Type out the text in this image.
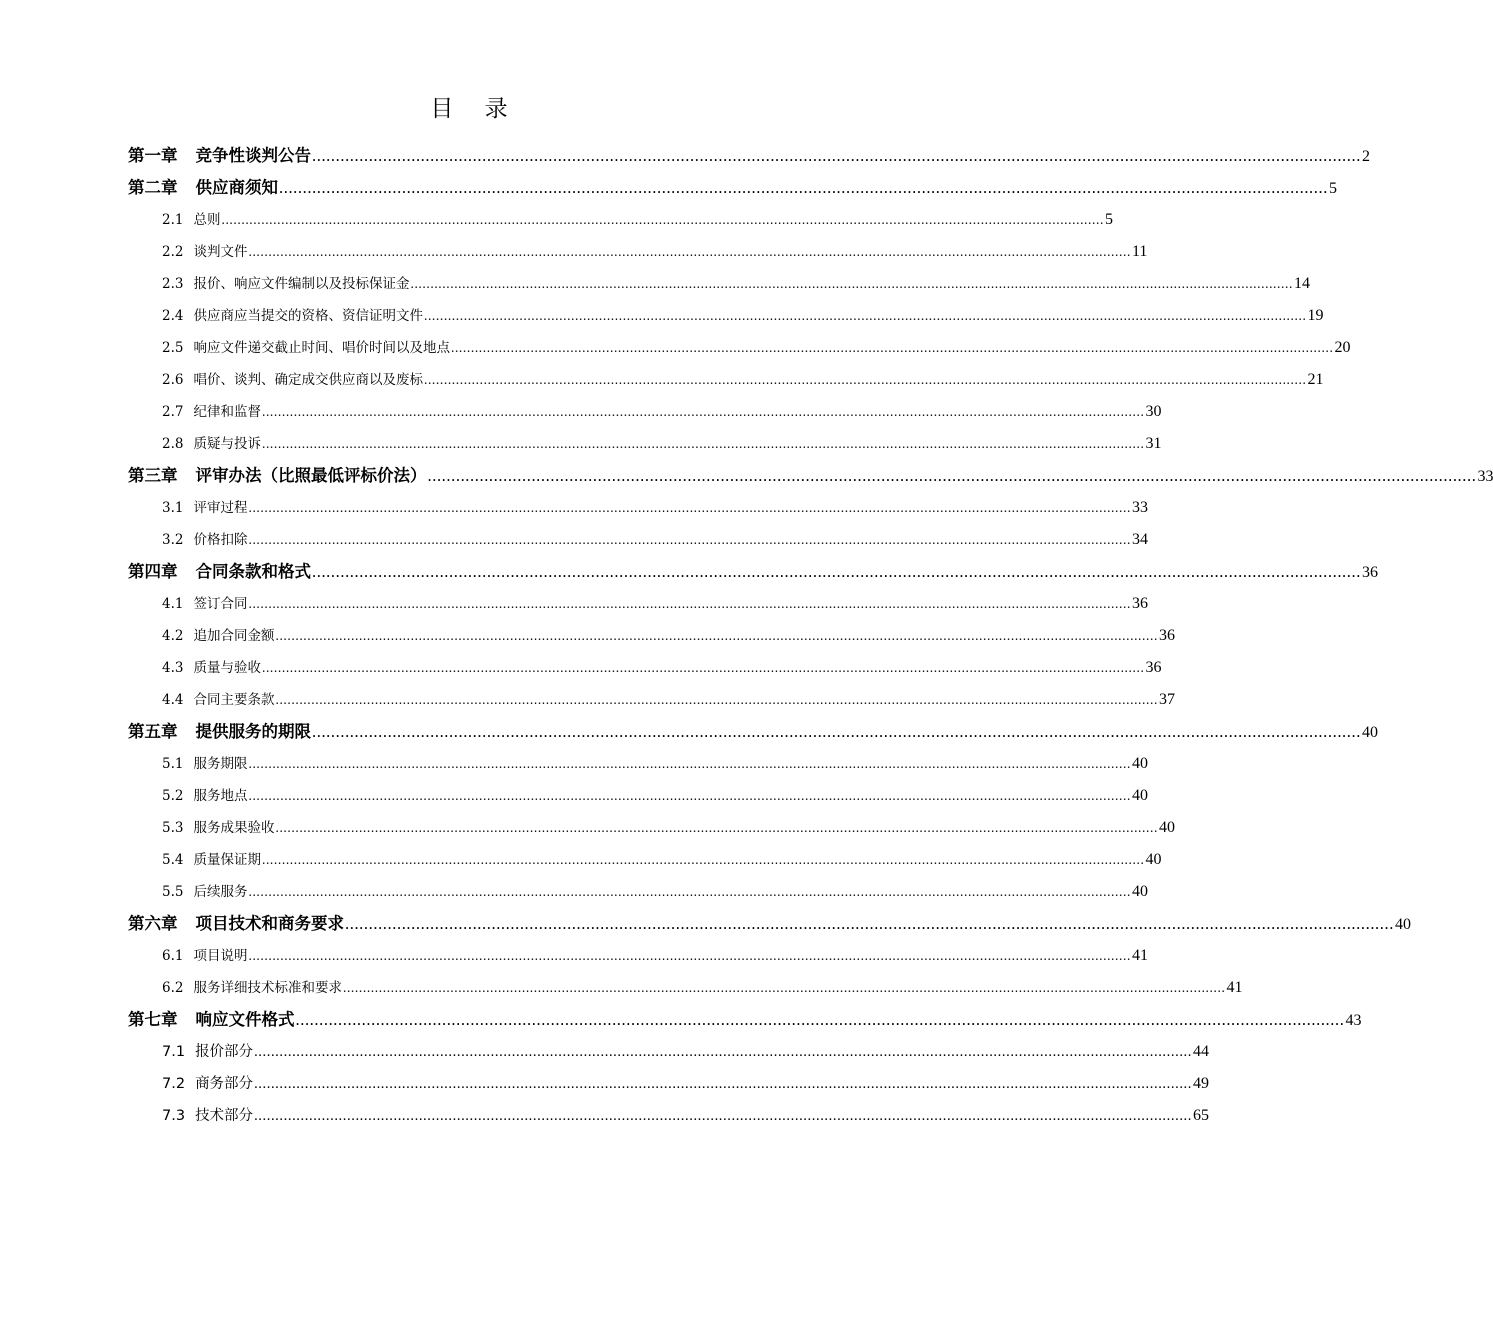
目 录
第一章 竞争性谈判公告 .............................................................................................................................................................................................................................. 2
第二章 供应商须知 .............................................................................................................................................................................................................................. 5
2.1 总则 .............................................................................................................................................................................................................................. 5
2.2 谈判文件 .............................................................................................................................................................................................................................. 11
2.3 报价、响应文件编制以及投标保证金 .............................................................................................................................................................................................................................. 14
2.4 供应商应当提交的资格、资信证明文件 .............................................................................................................................................................................................................................. 19
2.5 响应文件递交截止时间、唱价时间以及地点 .............................................................................................................................................................................................................................. 20
2.6 唱价、谈判、确定成交供应商以及废标 .............................................................................................................................................................................................................................. 21
2.7 纪律和监督 .............................................................................................................................................................................................................................. 30
2.8 质疑与投诉 .............................................................................................................................................................................................................................. 31
第三章 评审办法（比照最低评标价法） .............................................................................................................................................................................................................................. 33
3.1 评审过程 .............................................................................................................................................................................................................................. 33
3.2 价格扣除 .............................................................................................................................................................................................................................. 34
第四章 合同条款和格式 .............................................................................................................................................................................................................................. 36
4.1 签订合同 .............................................................................................................................................................................................................................. 36
4.2 追加合同金额 .............................................................................................................................................................................................................................. 36
4.3 质量与验收 .............................................................................................................................................................................................................................. 36
4.4 合同主要条款 .............................................................................................................................................................................................................................. 37
第五章 提供服务的期限 .............................................................................................................................................................................................................................. 40
5.1 服务期限 .............................................................................................................................................................................................................................. 40
5.2 服务地点 .............................................................................................................................................................................................................................. 40
5.3 服务成果验收 .............................................................................................................................................................................................................................. 40
5.4 质量保证期 .............................................................................................................................................................................................................................. 40
5.5 后续服务 .............................................................................................................................................................................................................................. 40
第六章 项目技术和商务要求 .............................................................................................................................................................................................................................. 40
6.1 项目说明 .............................................................................................................................................................................................................................. 41
6.2 服务详细技术标准和要求 .............................................................................................................................................................................................................................. 41
第七章 响应文件格式 .............................................................................................................................................................................................................................. 43
7.1 报价部分 .............................................................................................................................................................................................................................. 44
7.2 商务部分 .............................................................................................................................................................................................................................. 49
7.3 技术部分 .............................................................................................................................................................................................................................. 65
